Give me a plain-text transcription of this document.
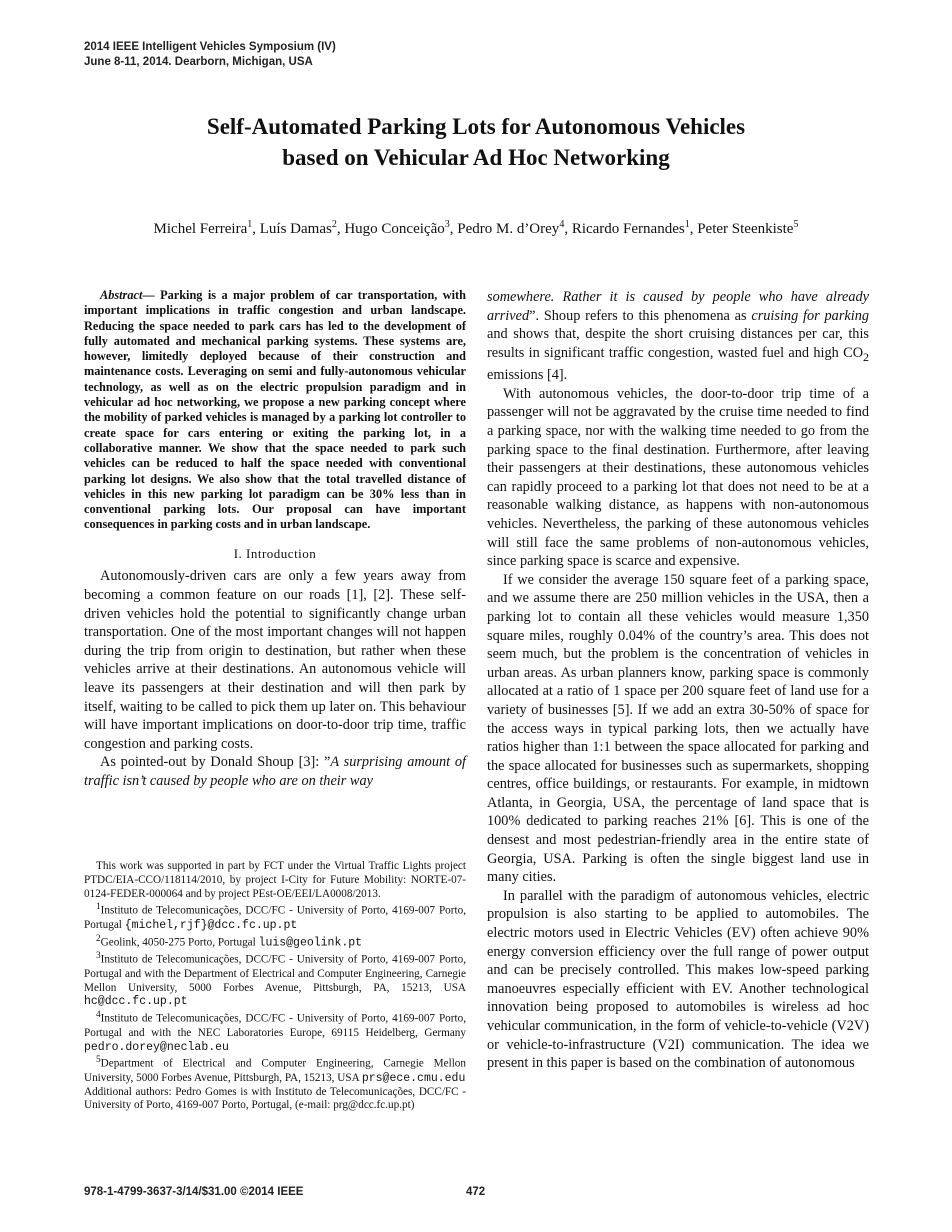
2014 IEEE Intelligent Vehicles Symposium (IV)
June 8-11, 2014. Dearborn, Michigan, USA
Self-Automated Parking Lots for Autonomous Vehicles
based on Vehicular Ad Hoc Networking
Michel Ferreira$^1$, Luís Damas$^2$, Hugo Conceição$^3$, Pedro M. d’Orey$^4$, Ricardo Fernandes$^1$, Peter Steenkiste$^5$

Abstract— Parking is a major problem of car transportation, with important implications in traffic congestion and urban landscape. Reducing the space needed to park cars has led to the development of fully automated and mechanical parking systems. These systems are, however, limitedly deployed because of their construction and maintenance costs. Leveraging on semi and fully-autonomous vehicular technology, as well as on the electric propulsion paradigm and in vehicular ad hoc networking, we propose a new parking concept where the mobility of parked vehicles is managed by a parking lot controller to create space for cars entering or exiting the parking lot, in a collaborative manner. We show that the space needed to park such vehicles can be reduced to half the space needed with conventional parking lot designs. We also show that the total travelled distance of vehicles in this new parking lot paradigm can be 30% less than in conventional parking lots. Our proposal can have important consequences in parking costs and in urban landscape.

I. Introduction

Autonomously-driven cars are only a few years away from becoming a common feature on our roads [1], [2]. These self-driven vehicles hold the potential to significantly change urban transportation. One of the most important changes will not happen during the trip from origin to destination, but rather when these vehicles arrive at their destinations. An autonomous vehicle will leave its passengers at their destination and will then park by itself, waiting to be called to pick them up later on. This behaviour will have important implications on door-to-door trip time, traffic congestion and parking costs.

As pointed-out by Donald Shoup [3]: ”A surprising amount of traffic isn’t caused by people who are on their way

This work was supported in part by FCT under the Virtual Traffic Lights project PTDC/EIA-CCO/118114/2010, by project I-City for Future Mobility: NORTE-07-0124-FEDER-000064 and by project PEst-OE/EEI/LA0008/2013.

$^1$Instituto de Telecomunicações, DCC/FC - University of Porto, 4169-007 Porto, Portugal {michel,rjf}@dcc.fc.up.pt

$^2$Geolink, 4050-275 Porto, Portugal luis@geolink.pt

$^3$Instituto de Telecomunicações, DCC/FC - University of Porto, 4169-007 Porto, Portugal and with the Department of Electrical and Computer Engineering, Carnegie Mellon University, 5000 Forbes Avenue, Pittsburgh, PA, 15213, USA hc@dcc.fc.up.pt

$^4$Instituto de Telecomunicações, DCC/FC - University of Porto, 4169-007 Porto, Portugal and with the NEC Laboratories Europe, 69115 Heidelberg, Germany pedro.dorey@neclab.eu

$^5$Department of Electrical and Computer Engineering, Carnegie Mellon University, 5000 Forbes Avenue, Pittsburgh, PA, 15213, USA prs@ece.cmu.edu

Additional authors: Pedro Gomes is with Instituto de Telecomunicações, DCC/FC - University of Porto, 4169-007 Porto, Portugal, (e-mail: prg@dcc.fc.up.pt)

somewhere. Rather it is caused by people who have already arrived”. Shoup refers to this phenomena as cruising for parking and shows that, despite the short cruising distances per car, this results in significant traffic congestion, wasted fuel and high $CO_2$ emissions [4].

With autonomous vehicles, the door-to-door trip time of a passenger will not be aggravated by the cruise time needed to find a parking space, nor with the walking time needed to go from the parking space to the final destination. Furthermore, after leaving their passengers at their destinations, these autonomous vehicles can rapidly proceed to a parking lot that does not need to be at a reasonable walking distance, as happens with non-autonomous vehicles. Nevertheless, the parking of these autonomous vehicles will still face the same problems of non-autonomous vehicles, since parking space is scarce and expensive.

If we consider the average 150 square feet of a parking space, and we assume there are 250 million vehicles in the USA, then a parking lot to contain all these vehicles would measure 1,350 square miles, roughly 0.04% of the country’s area. This does not seem much, but the problem is the concentration of vehicles in urban areas. As urban planners know, parking space is commonly allocated at a ratio of 1 space per 200 square feet of land use for a variety of businesses [5]. If we add an extra 30-50% of space for the access ways in typical parking lots, then we actually have ratios higher than 1:1 between the space allocated for parking and the space allocated for businesses such as supermarkets, shopping centres, office buildings, or restaurants. For example, in midtown Atlanta, in Georgia, USA, the percentage of land space that is 100% dedicated to parking reaches 21% [6]. This is one of the densest and most pedestrian-friendly area in the entire state of Georgia, USA. Parking is often the single biggest land use in many cities.

In parallel with the paradigm of autonomous vehicles, electric propulsion is also starting to be applied to automobiles. The electric motors used in Electric Vehicles (EV) often achieve 90% energy conversion efficiency over the full range of power output and can be precisely controlled. This makes low-speed parking manoeuvres especially efficient with EV. Another technological innovation being proposed to automobiles is wireless ad hoc vehicular communication, in the form of vehicle-to-vehicle (V2V) or vehicle-to-infrastructure (V2I) communication. The idea we present in this paper is based on the combination of autonomous

978-1-4799-3637-3/14/$31.00 ©2014 IEEE	472
